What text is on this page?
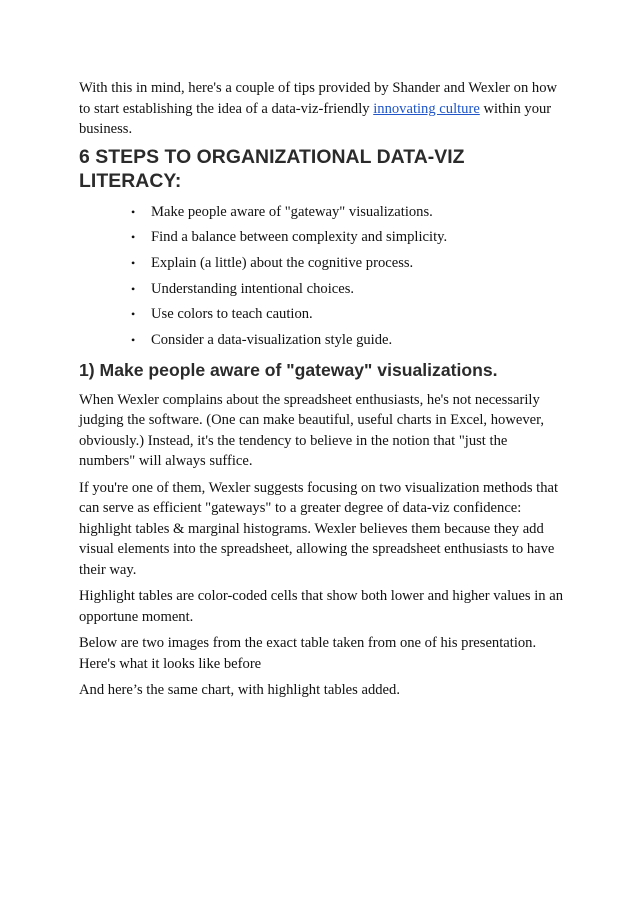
With this in mind, here's a couple of tips provided by Shander and Wexler on how to start establishing the idea of a data-viz-friendly innovating culture within your business.

6 STEPS TO ORGANIZATIONAL DATA-VIZ LITERACY:
• Make people aware of "gateway" visualizations.
• Find a balance between complexity and simplicity.
• Explain (a little) about the cognitive process.
• Understanding intentional choices.
• Use colors to teach caution.
• Consider a data-visualization style guide.
1) Make people aware of "gateway" visualizations.

When Wexler complains about the spreadsheet enthusiasts, he's not necessarily judging the software. (One can make beautiful, useful charts in Excel, however, obviously.) Instead, it's the tendency to believe in the notion that "just the numbers" will always suffice.

If you're one of them, Wexler suggests focusing on two visualization methods that can serve as efficient "gateways" to a greater degree of data-viz confidence: highlight tables & marginal histograms. Wexler believes them because they add visual elements into the spreadsheet, allowing the spreadsheet enthusiasts to have their way.

Highlight tables are color-coded cells that show both lower and higher values in an opportune moment.

Below are two images from the exact table taken from one of his presentation. Here's what it looks like before

And here’s the same chart, with highlight tables added.
